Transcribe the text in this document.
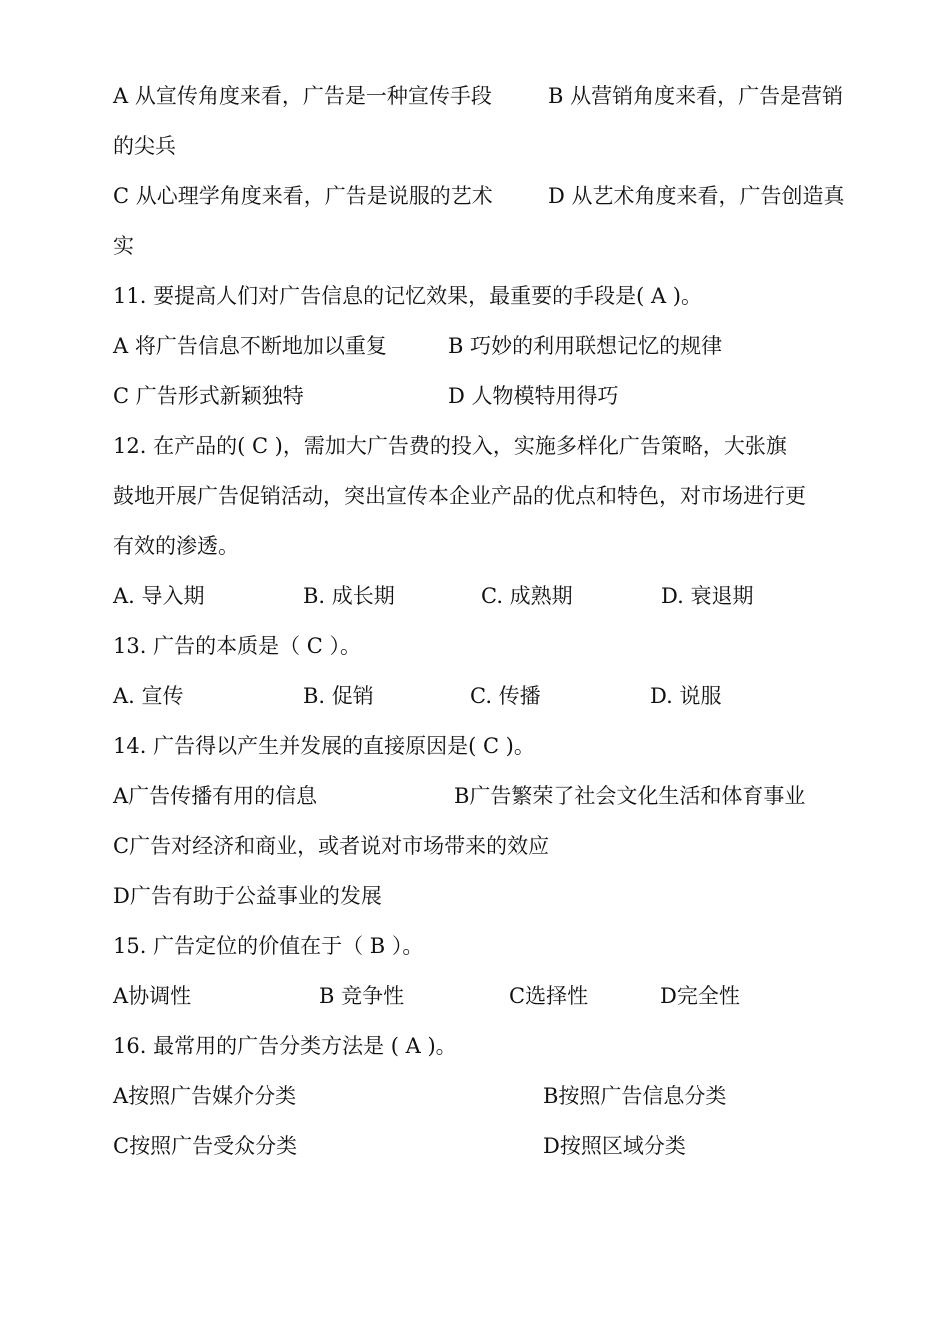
A 从宣传角度来看，广告是一种宣传手段	B 从营销角度来看，广告是营销
的尖兵
C 从心理学角度来看，广告是说服的艺术	D 从艺术角度来看，广告创造真
实
11. 要提高人们对广告信息的记忆效果，最重要的手段是( A )。
A 将广告信息不断地加以重复	B 巧妙的利用联想记忆的规律
C 广告形式新颖独特	D 人物模特用得巧
12. 在产品的( C )，需加大广告费的投入，实施多样化广告策略，大张旗
鼓地开展广告促销活动，突出宣传本企业产品的优点和特色，对市场进行更
有效的渗透。
A. 导入期	B. 成长期	C. 成熟期	D. 衰退期
13. 广告的本质是（ C ）。
A. 宣传	B. 促销	C. 传播	D. 说服
14. 广告得以产生并发展的直接原因是( C )。
A广告传播有用的信息	B广告繁荣了社会文化生活和体育事业
C广告对经济和商业，或者说对市场带来的效应
D广告有助于公益事业的发展
15. 广告定位的价值在于（ B ）。
A协调性	B 竞争性	C选择性	D完全性
16. 最常用的广告分类方法是 ( A )。
A按照广告媒介分类	B按照广告信息分类
C按照广告受众分类	D按照区域分类
